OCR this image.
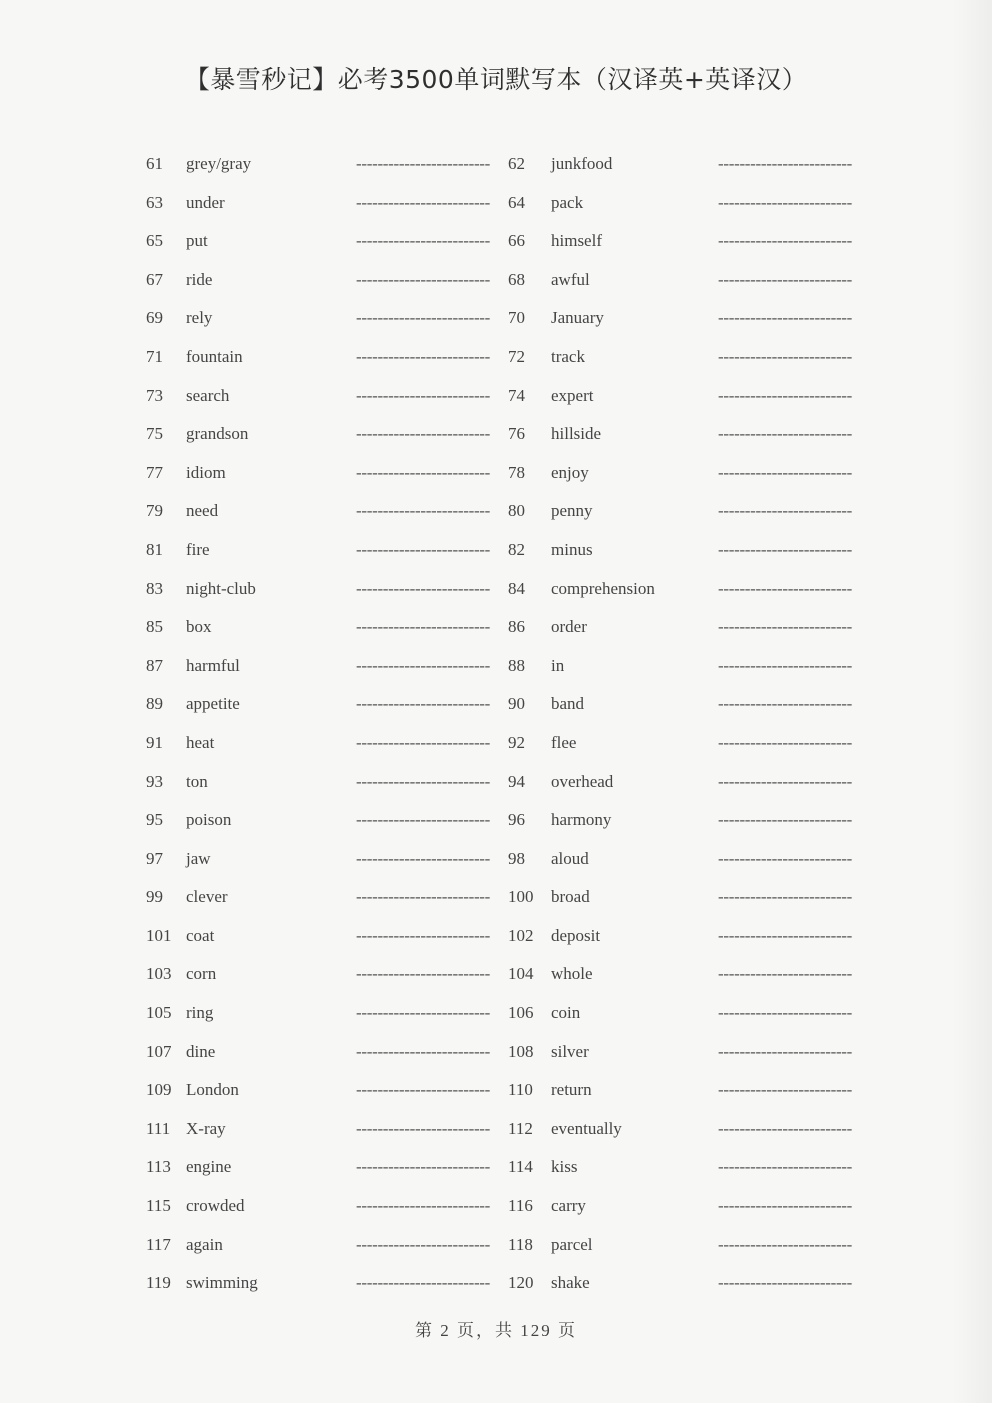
【暴雪秒记】必考3500单词默写本（汉译英+英译汉）
61 grey/gray	------------------------- 62 junkfood	-------------------------
63 under	------------------------- 64 pack	-------------------------
65 put	------------------------- 66 himself	-------------------------
67 ride	------------------------- 68 awful	-------------------------
69 rely	------------------------- 70 January	-------------------------
71 fountain	------------------------- 72 track	-------------------------
73 search	------------------------- 74 expert	-------------------------
75 grandson	------------------------- 76 hillside	-------------------------
77 idiom	------------------------- 78 enjoy	-------------------------
79 need	------------------------- 80 penny	-------------------------
81 fire	------------------------- 82 minus	-------------------------
83 night-club	------------------------- 84 comprehension	-------------------------
85 box	------------------------- 86 order	-------------------------
87 harmful	------------------------- 88 in	-------------------------
89 appetite	------------------------- 90 band	-------------------------
91 heat	------------------------- 92 flee	-------------------------
93 ton	------------------------- 94 overhead	-------------------------
95 poison	------------------------- 96 harmony	-------------------------
97 jaw	------------------------- 98 aloud	-------------------------
99 clever	------------------------- 100 broad	-------------------------
101 coat	------------------------- 102 deposit	-------------------------
103 corn	------------------------- 104 whole	-------------------------
105 ring	------------------------- 106 coin	-------------------------
107 dine	------------------------- 108 silver	-------------------------
109 London	------------------------- 110 return	-------------------------
111 X-ray	------------------------- 112 eventually	-------------------------
113 engine	------------------------- 114 kiss	-------------------------
115 crowded	------------------------- 116 carry	-------------------------
117 again	------------------------- 118 parcel	-------------------------
119 swimming	------------------------- 120 shake	-------------------------
第 2 页，共 129 页
